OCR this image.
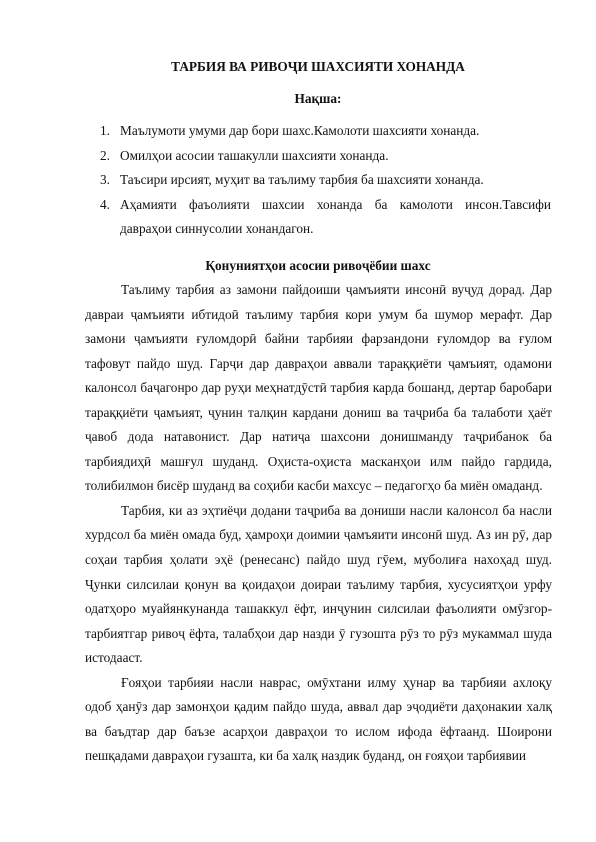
ТАРБИЯ ВА РИВОҶИ ШАХСИЯТИ ХОНАНДА
Нақша:
1. Маълумоти умуми дар бори шахс.Камолоти шахсияти хонанда.
2. Омилҳои асосии ташакулли шахсияти хонанда.
3. Таъсири ирсият, муҳит ва таълиму тарбия ба шахсияти хонанда.
4. Аҳамияти фаъолияти шахсии хонанда ба камолоти инсон.Тавсифи давраҳои синнусолии хонандагон.
Қонуниятҳои асосии ривоҷёбии шахс

Таълиму тарбия аз замони пайдоиши ҷамъияти инсонӣ вуҷуд дорад. Дар давраи ҷамъияти ибтидоӣ таълиму тарбия кори умум ба шумор мерафт. Дар замони ҷамъияти ғуломдорӣ байни тарбияи фарзандони ғуломдор ва ғулом тафовут пайдо шуд. Гарҷи дар давраҳои аввали тараққиёти ҷамъият, одамони калонсол баҷагонро дар руҳи меҳнатдӯстӣ тарбия карда бошанд, дертар баробари тараққиёти ҷамъият, ҷунин талқин кардани дониш ва таҷриба ба талаботи ҳаёт ҷавоб дода натавонист. Дар натиҷа шахсони донишманду таҷрибанок ба тарбиядиҳӣ машғул шуданд. Оҳиста-оҳиста масканҳои илм пайдо гардида, толибилмон бисёр шуданд ва соҳиби касби махсус – педагогҳо ба миён омаданд.

Тарбия, ки аз эҳтиёҷи додани таҷриба ва дониши насли калонсол ба насли хурдсол ба миён омада буд, ҳамроҳи доимии ҷамъяити инсонӣ шуд. Аз ин рӯ, дар соҳаи тарбия ҳолати эҳё (ренесанс) пайдо шуд гӯем, муболиға нахоҳад шуд. Ҷунки силсилаи қонун ва қоидаҳои доираи таълиму тарбия, хусусиятҳои урфу одатҳоро муайянкунанда ташаккул ёфт, инҷунин силсилаи фаъолияти омӯзгор-тарбиятгар ривоҷ ёфта, талабҳои дар назди ӯ гузошта рӯз то рӯз мукаммал шуда истодааст.

Ғояҳои тарбияи насли наврас, омӯхтани илму ҳунар ва тарбияи ахлоқу одоб ҳанӯз дар замонҳои қадим пайдо шуда, аввал дар эҷодиёти даҳонакии халқ ва баъдтар дар баъзе асарҳои давраҳои то ислом ифода ёфтаанд. Шоирони пешқадами давраҳои гузашта, ки ба халқ наздик буданд, он ғояҳои тарбиявии
